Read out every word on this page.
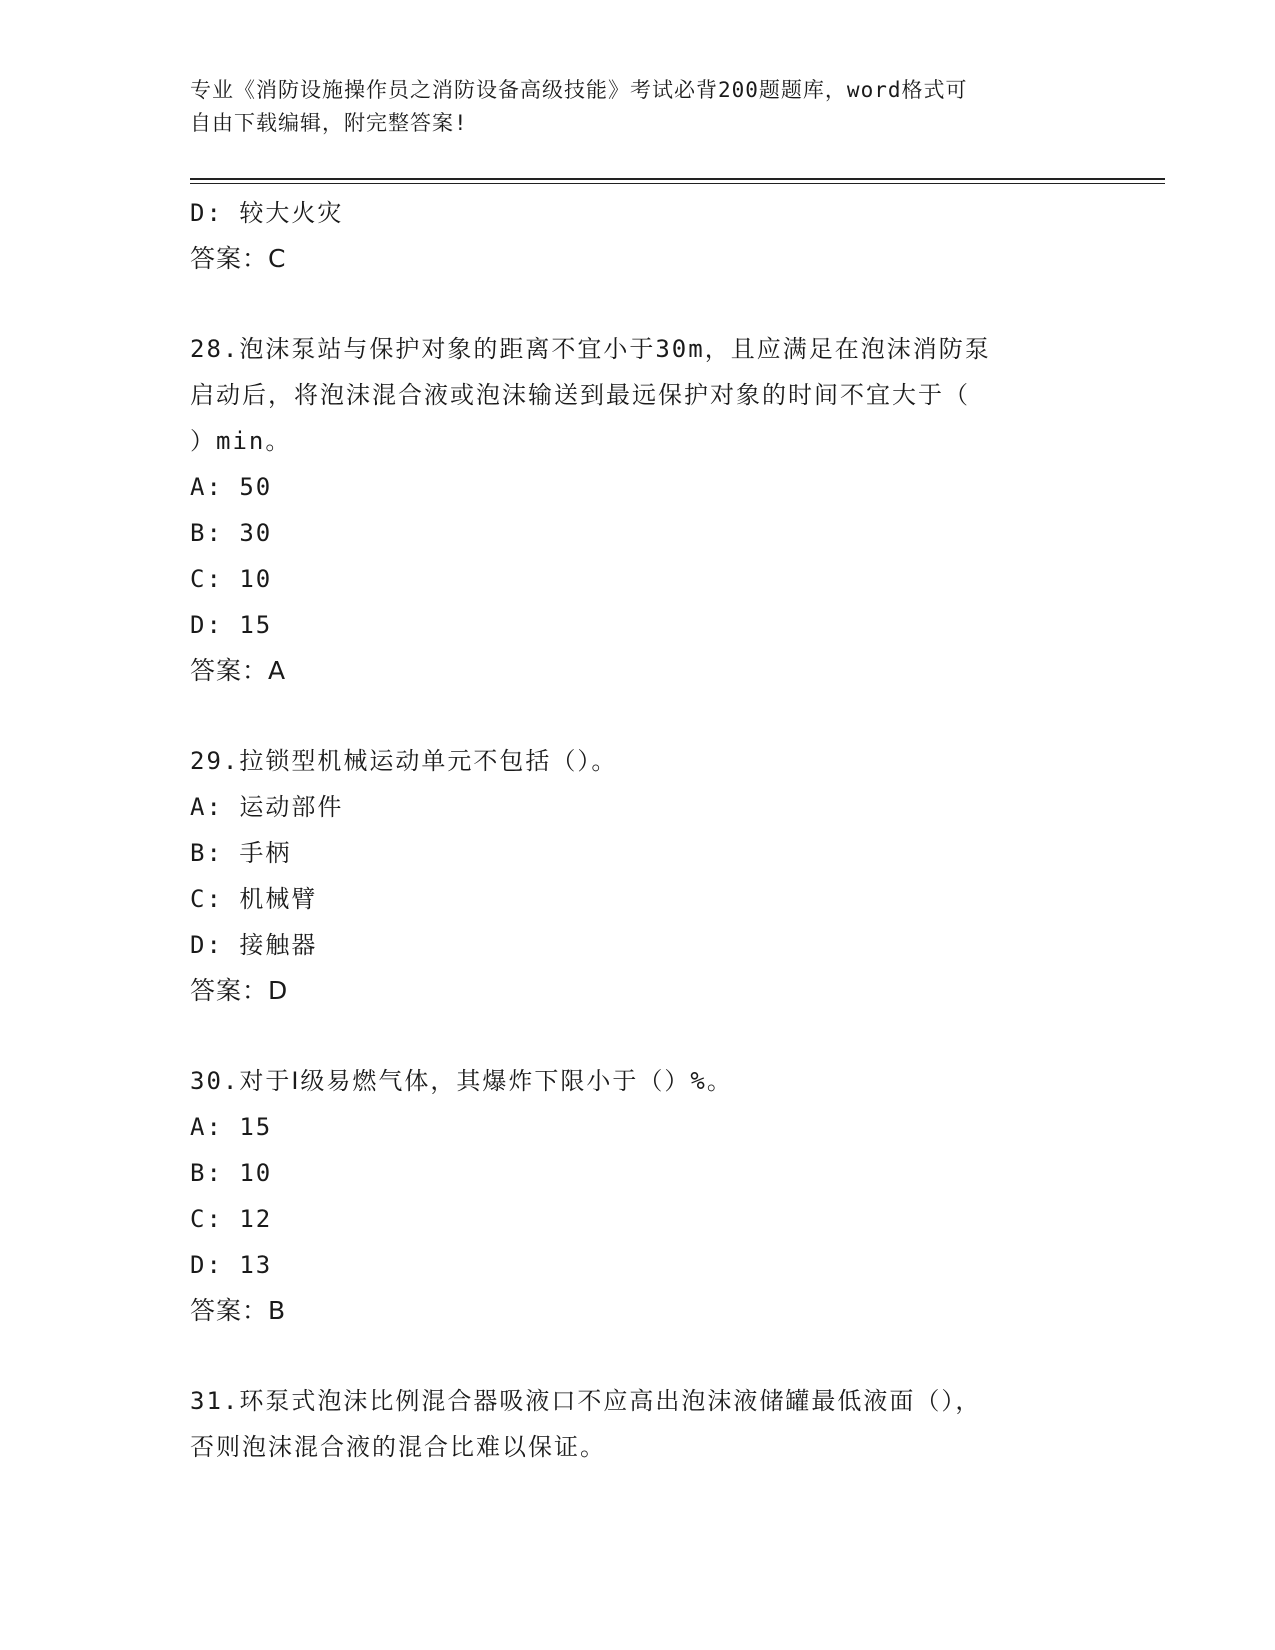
专业《消防设施操作员之消防设备高级技能》考试必背200题题库，word格式可
自由下载编辑，附完整答案!
D: 较大火灾
答案：C
28.泡沫泵站与保护对象的距离不宜小于30m，且应满足在泡沫消防泵
启动后，将泡沫混合液或泡沫输送到最远保护对象的时间不宜大于（
）min。
A: 50
B: 30
C: 10
D: 15
答案：A
29.拉锁型机械运动单元不包括（）。
A: 运动部件
B: 手柄
C: 机械臂
D: 接触器
答案：D
30.对于Ⅰ级易燃气体，其爆炸下限小于（）%。
A: 15
B: 10
C: 12
D: 13
答案：B
31.环泵式泡沫比例混合器吸液口不应高出泡沫液储罐最低液面（），
否则泡沫混合液的混合比难以保证。
